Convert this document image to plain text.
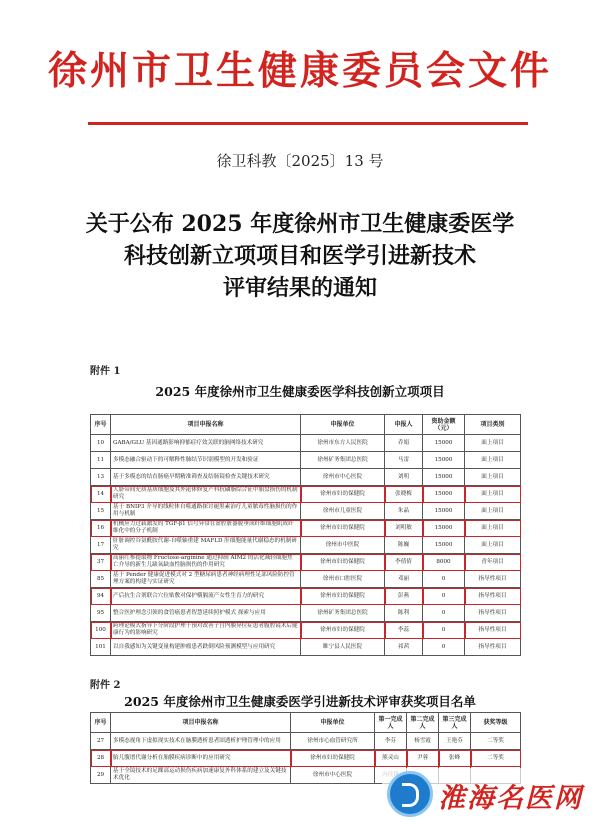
徐州市卫生健康委员会文件
徐卫科教〔2025〕13 号
关于公布 2025 年度徐州市卫生健康委医学
科技创新立项项目和医学引进新技术
评审结果的通知
附件 1
2025 年度徐州市卫生健康委医学科技创新立项项目
序号	项目申报名称	申报单位	申报人	资助金额（元）	项目类别
10	GABA/GLU 基因通路影响抑郁症疗效关联的脑网络技术研究	徐州市东方人民医院	乔娟	15000	面上项目
11	多模态融合驱动下的可解释性肺结节识别模型的开发和验证	徐州矿务集团总医院	马雷	15000	面上项目
13	基于多模态的结直肠癌早期精准筛查及结肠镜检查关键技术研究	徐州市中心医院	刘明	15000	面上项目
14	人脐带间充质基质细胞及其外泌体修复产科抗磷脂综合征中胎盘损伤的机制研究	徐州市妇幼保健院	张晓梅	15000	面上项目
15	基于 BNIP3 介导的线粒体自噬通路探讨褪黑素治疗儿童脓毒性脑损伤的作用与机制	徐州市儿童医院	朱晶	15000	面上项目
16	机械应力过载激发的 TGF-β1 信号异常在盆腔脏器脱垂成纤维细胞肌成纤维化中的分子机制	徐州市妇幼保健院	刘明敏	15000	面上项目
17	肝脏调控谷氨酰胺代谢-自噬轴重建 MAFLD 肝细胞能量代谢稳态的机制研究	徐州市中医院	陈巍	15000	面上项目
37	高丽红参提取物 Fructose-arginine 通过抑制 AIM2 的活化减轻细胞焦亡介导的新生儿缺氧缺血性脑损伤的作用研究	徐州市妇幼保健院	李倩倩	8000	青年项目
85	基于 Pender 健康促进模式对 2 型糖尿病患者神经病理性足部风险防控管理方案的构建与实证研究	徐州市口腔医院	邓丽	0	指导性项目
94	产后抗生合剂联合穴位贴敷对保护横膈流产女性生育力的研究	徐州市妇幼保健院	彭燕	0	指导性项目
95	整合医护理念引领的食管癌患者智慧延续照护模式 探索与应用	徐州矿务集团总医院	陈利	0	指导性项目
100	跨理论模式指导下分阶段护理干预对改善子宫内膜异位症患者腹腔镜术后健康行为的影响研究	徐州市妇幼保健院	李蕊	0	指导性项目
101	以自我感知为关键变量构建肿瘤患者跌倒风险预测模型与应用研究	睢宁县人民医院	祁茜	0	指导性项目
附件 2
2025 年度徐州市卫生健康委医学引进新技术评审获奖项目名单
序号	项目申报名称	申报单位	第一完成人	第二完成人	第三完成人	获奖等级
27	多模态视角下虚拟现实技术在脑膜透析患者固透析护理管理中的应用	徐州市心血管研究所	李芬	杨雪霞	王艳芬	二等奖
28	胎儿腹谱代谢分析在胎膜疾病诊断中的应用研究	徐州市妇幼保健院	熊灵山	尹蓉	张峰	二等奖
29	基于全镜技术的足踝部运动损伤疾病加速康复外科体系的建立及关键技术优化	徐州市中心医院				
淮海名医网
